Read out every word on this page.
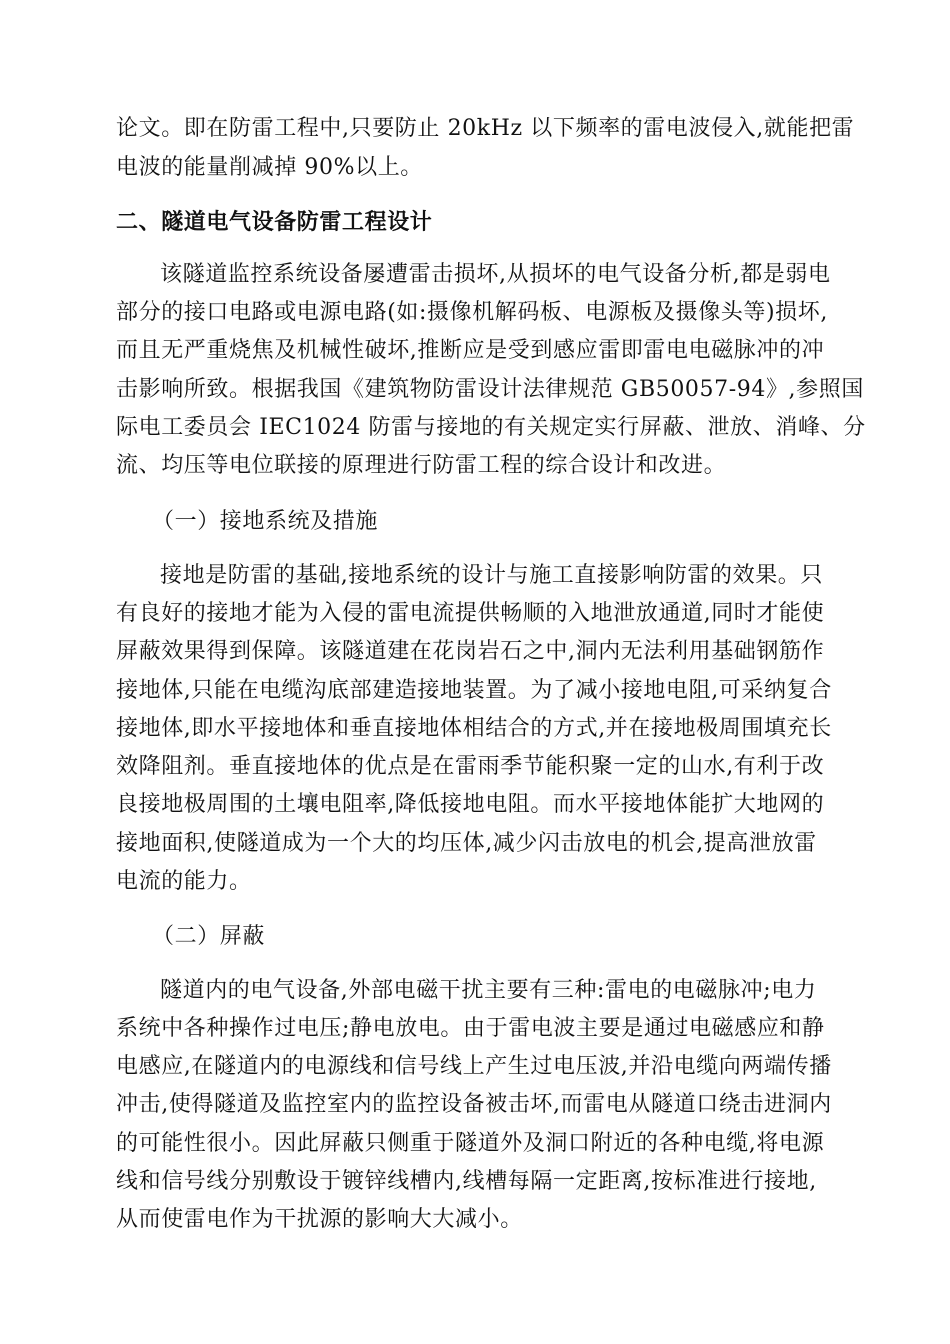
论文。即在防雷工程中,只要防止 20kHz 以下频率的雷电波侵入,就能把雷
电波的能量削减掉 90%以上。
二、隧道电气设备防雷工程设计
该隧道监控系统设备屡遭雷击损坏,从损坏的电气设备分析,都是弱电
部分的接口电路或电源电路(如:摄像机解码板、电源板及摄像头等)损坏,
而且无严重烧焦及机械性破坏,推断应是受到感应雷即雷电电磁脉冲的冲
击影响所致。根据我国《建筑物防雷设计法律规范 GB50057-94》,参照国
际电工委员会 IEC1024 防雷与接地的有关规定实行屏蔽、泄放、消峰、分
流、均压等电位联接的原理进行防雷工程的综合设计和改进。
（一）接地系统及措施
接地是防雷的基础,接地系统的设计与施工直接影响防雷的效果。只
有良好的接地才能为入侵的雷电流提供畅顺的入地泄放通道,同时才能使
屏蔽效果得到保障。该隧道建在花岗岩石之中,洞内无法利用基础钢筋作
接地体,只能在电缆沟底部建造接地装置。为了减小接地电阻,可采纳复合
接地体,即水平接地体和垂直接地体相结合的方式,并在接地极周围填充长
效降阻剂。垂直接地体的优点是在雷雨季节能积聚一定的山水,有利于改
良接地极周围的土壤电阻率,降低接地电阻。而水平接地体能扩大地网的
接地面积,使隧道成为一个大的均压体,减少闪击放电的机会,提高泄放雷
电流的能力。
（二）屏蔽
隧道内的电气设备,外部电磁干扰主要有三种:雷电的电磁脉冲;电力
系统中各种操作过电压;静电放电。由于雷电波主要是通过电磁感应和静
电感应,在隧道内的电源线和信号线上产生过电压波,并沿电缆向两端传播
冲击,使得隧道及监控室内的监控设备被击坏,而雷电从隧道口绕击进洞内
的可能性很小。因此屏蔽只侧重于隧道外及洞口附近的各种电缆,将电源
线和信号线分别敷设于镀锌线槽内,线槽每隔一定距离,按标准进行接地,
从而使雷电作为干扰源的影响大大减小。
